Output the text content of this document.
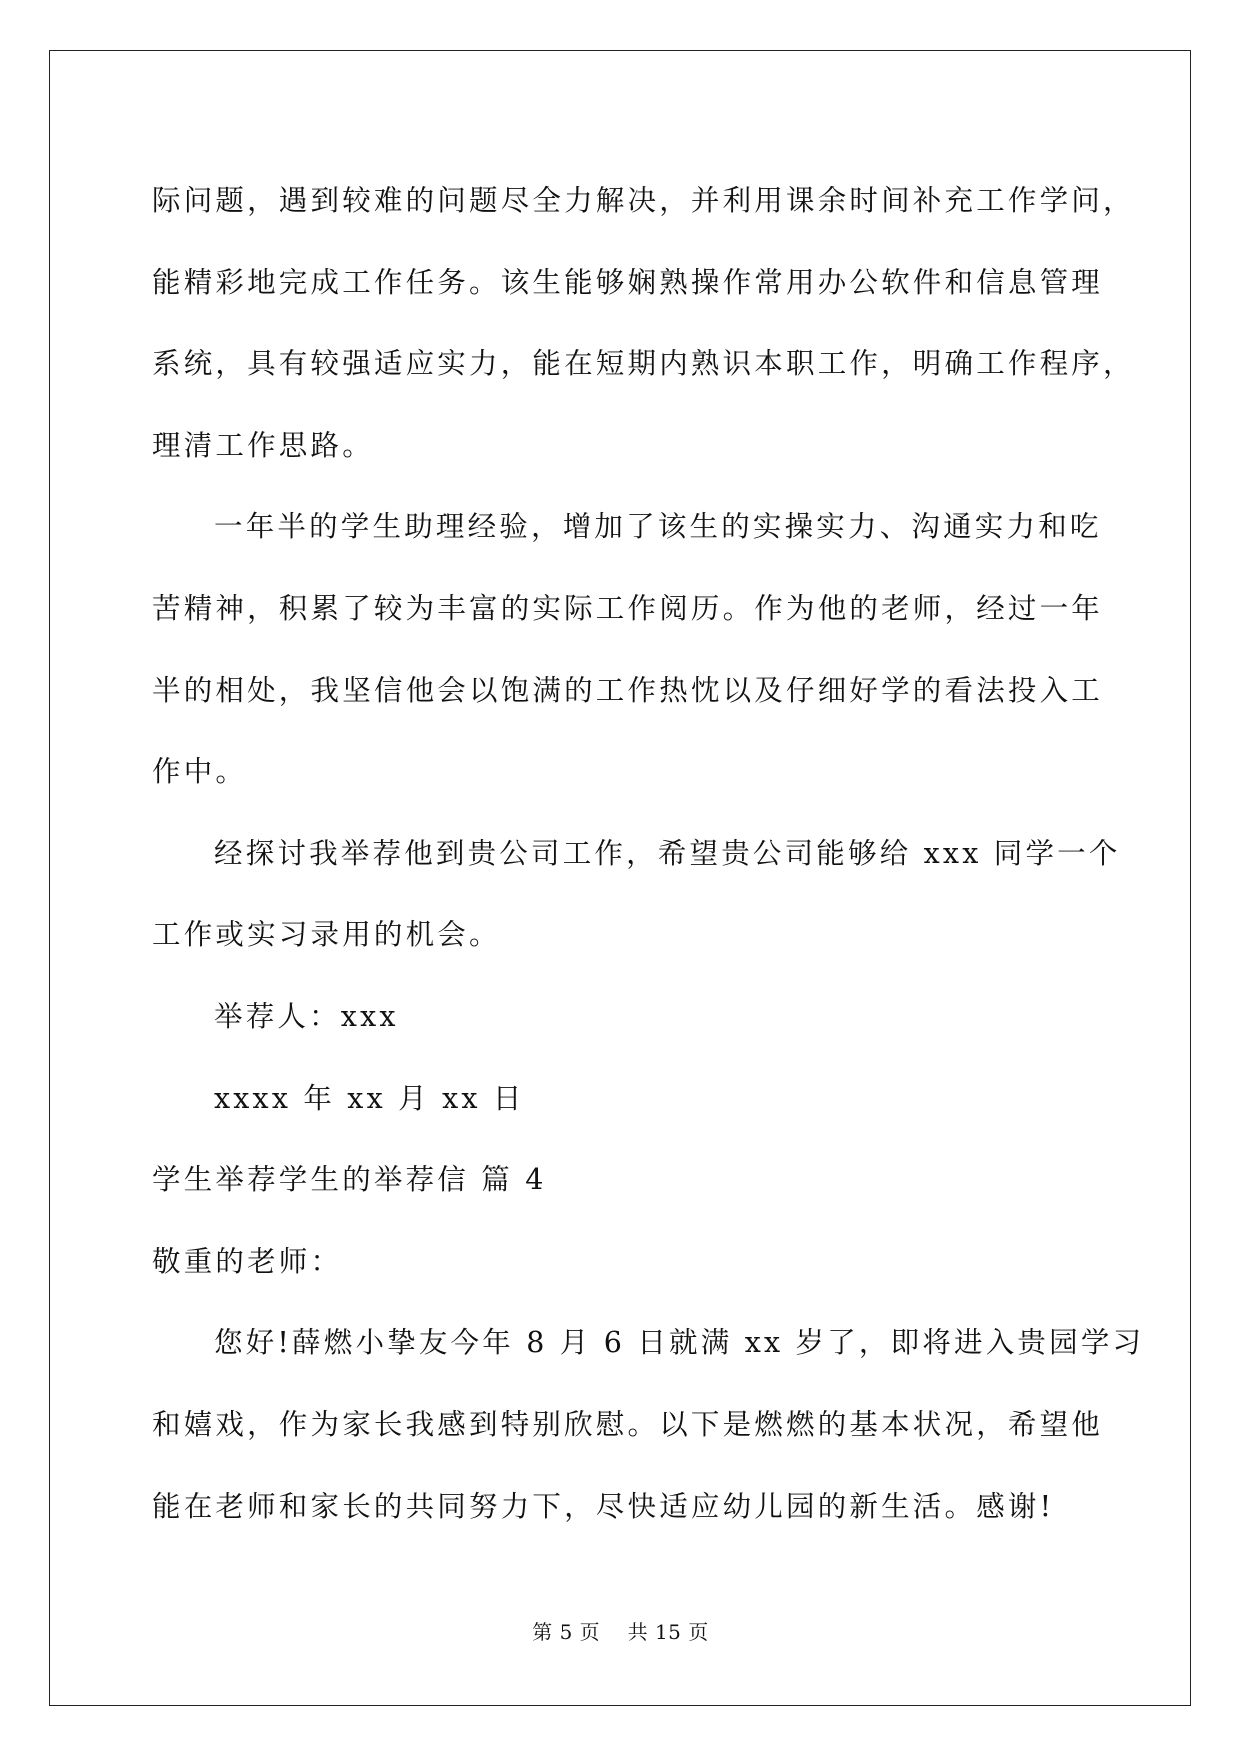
际问题，遇到较难的问题尽全力解决，并利用课余时间补充工作学问，
能精彩地完成工作任务。该生能够娴熟操作常用办公软件和信息管理
系统，具有较强适应实力，能在短期内熟识本职工作，明确工作程序，
理清工作思路。
一年半的学生助理经验，增加了该生的实操实力、沟通实力和吃
苦精神，积累了较为丰富的实际工作阅历。作为他的老师，经过一年
半的相处，我坚信他会以饱满的工作热忱以及仔细好学的看法投入工
作中。
经探讨我举荐他到贵公司工作，希望贵公司能够给 xxx 同学一个
工作或实习录用的机会。
举荐人：xxx
xxxx 年 xx 月 xx 日
学生举荐学生的举荐信 篇 4
敬重的老师：
您好!薛燃小挚友今年 8 月 6 日就满 xx 岁了，即将进入贵园学习
和嬉戏，作为家长我感到特别欣慰。以下是燃燃的基本状况，希望他
能在老师和家长的共同努力下，尽快适应幼儿园的新生活。感谢!
第 5 页    共 15 页
